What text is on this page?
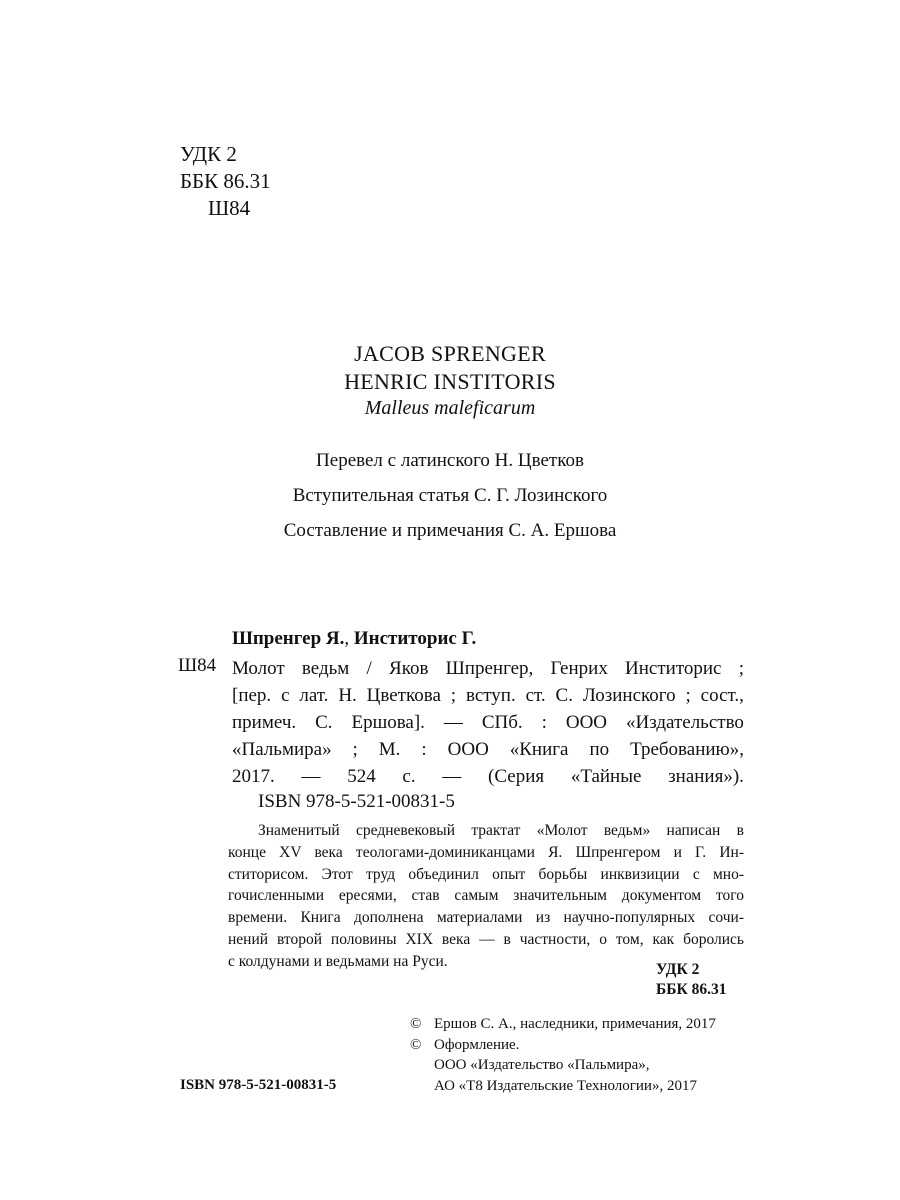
УДК 2
ББК 86.31
Ш84
JACOB SPRENGER
HENRIC INSTITORIS
Malleus maleficarum
Перевел с латинского Н. Цветков
Вступительная статья С. Г. Лозинского
Составление и примечания С. А. Ершова
Шпренгер Я., Инститорис Г.
Ш84 Молот ведьм / Яков Шпренгер, Генрих Инститорис ;
[пер. с лат. Н. Цветкова ; вступ. ст. С. Лозинского ; сост.,
примеч. С. Ершова]. — СПб. : ООО «Издательство
«Пальмира» ; М. : ООО «Книга по Требованию»,
2017. — 524 с. — (Серия «Тайные знания»).
ISBN 978-5-521-00831-5
Знаменитый средневековый трактат «Молот ведьм» написан в
конце XV века теологами-доминиканцами Я. Шпренгером и Г. Ин-
ститорисом. Этот труд объединил опыт борьбы инквизиции с мно-
гочисленными ересями, став самым значительным документом того
времени. Книга дополнена материалами из научно-популярных сочи-
нений второй половины XIX века — в частности, о том, как боролись
с колдунами и ведьмами на Руси.	УДК 2
ББК 86.31
© Ершов С. А., наследники, примечания, 2017
© Оформление.
ООО «Издательство «Пальмира»,
АО «Т8 Издательские Технологии», 2017
ISBN 978-5-521-00831-5
